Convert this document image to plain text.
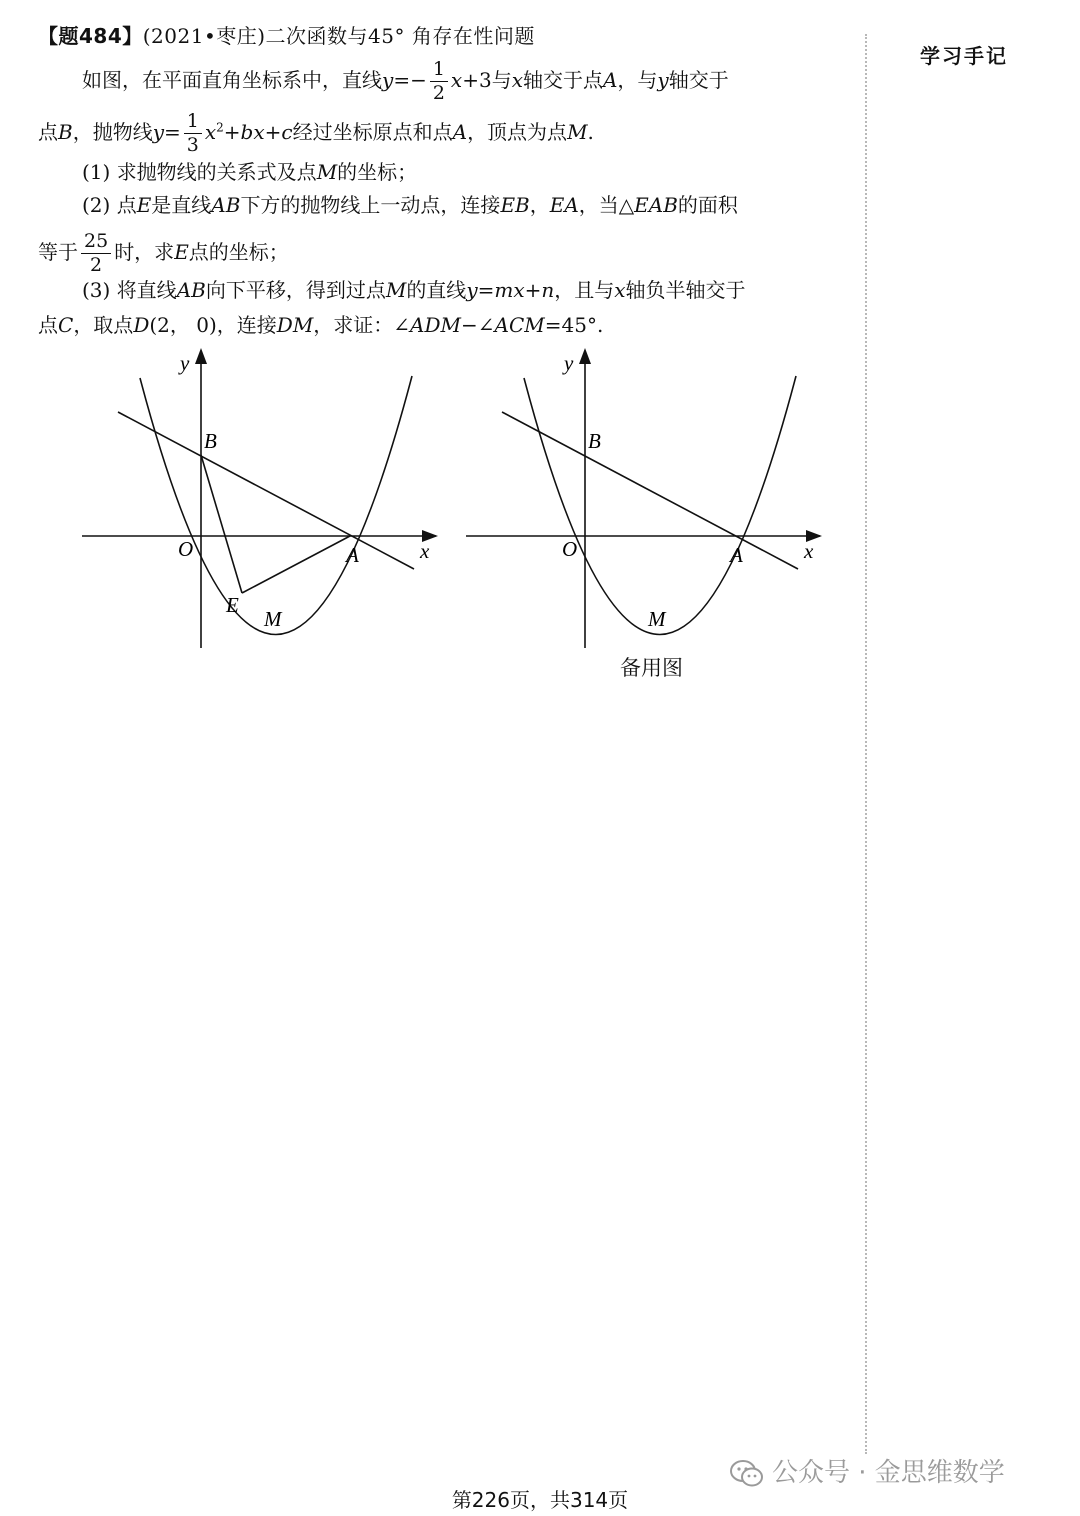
【题484】(2021•枣庄)二次函数与45° 角存在性问题
学习手记
如图，在平面直角坐标系中，直线$y=- \frac{1}{2} x+3$与x轴交于点A，与y轴交于
点B，抛物线$y= \frac{1}{3} x^2+bx+c$经过坐标原点和点A，顶点为点M.
(1) 求抛物线的关系式及点M的坐标；
(2) 点E是直线AB下方的抛物线上一动点，连接EB，EA，当△EAB的面积
等于 $\frac{25}{2}$ 时，求E点的坐标；
(3) 将直线AB向下平移，得到过点M的直线y=mx+n，且与x轴负半轴交于
点C，取点D(2， 0)，连接DM，求证：∠ADM−∠ACM=45°.
y
x
O	A
B
E
M
y
x
O	A
B
M
备用图
公众号 · 金思维数学
第226页，共314页
